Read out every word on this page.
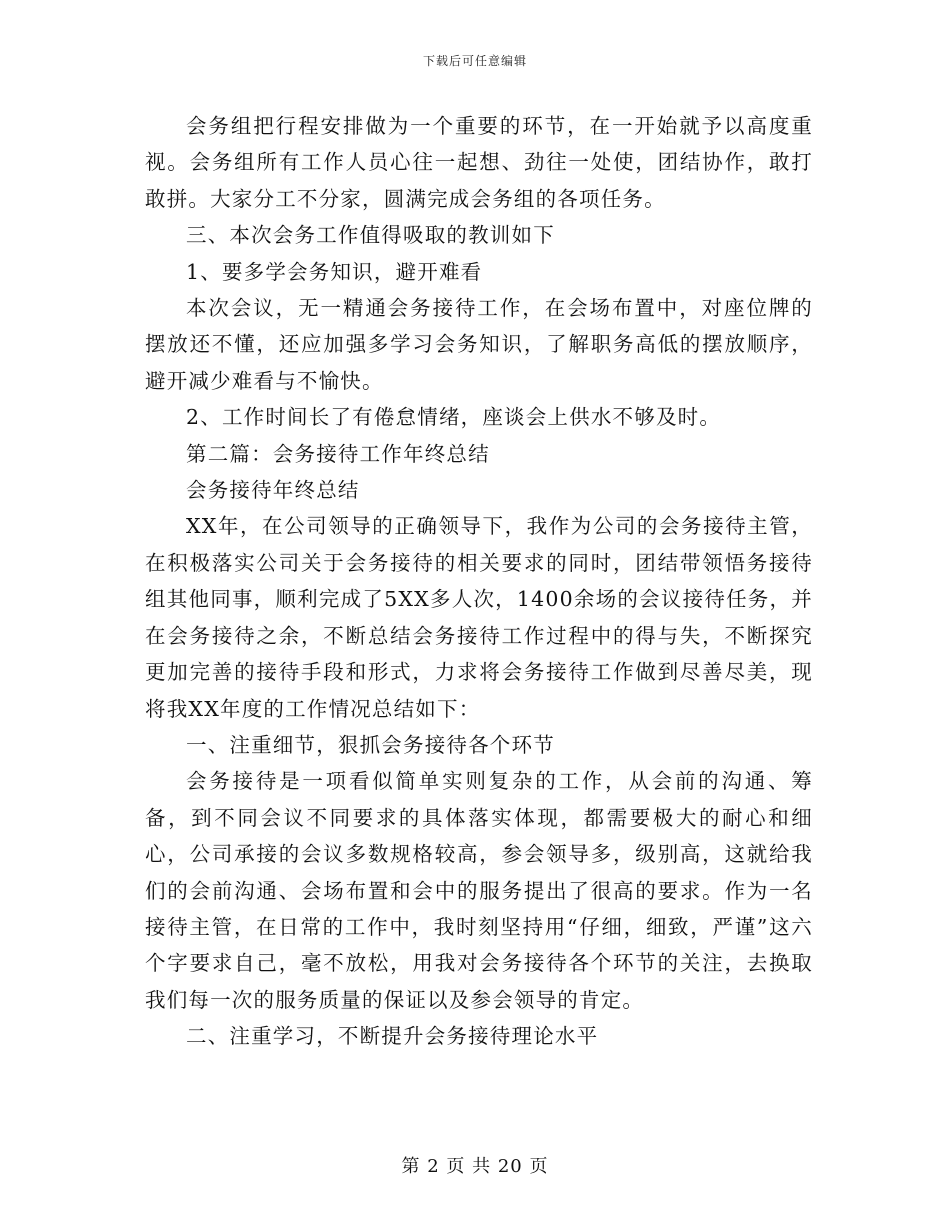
下载后可任意编辑

会务组把行程安排做为一个重要的环节，在一开始就予以高度重视。会务组所有工作人员心往一起想、劲往一处使，团结协作，敢打敢拼。大家分工不分家，圆满完成会务组的各项任务。

三、本次会务工作值得吸取的教训如下

1、要多学会务知识，避开难看

本次会议，无一精通会务接待工作，在会场布置中，对座位牌的摆放还不懂，还应加强多学习会务知识，了解职务高低的摆放顺序，避开减少难看与不愉快。

2、工作时间长了有倦怠情绪，座谈会上供水不够及时。

第二篇：会务接待工作年终总结

会务接待年终总结

XX年，在公司领导的正确领导下，我作为公司的会务接待主管，在积极落实公司关于会务接待的相关要求的同时，团结带领悟务接待组其他同事，顺利完成了5XX多人次，1400余场的会议接待任务，并在会务接待之余，不断总结会务接待工作过程中的得与失，不断探究更加完善的接待手段和形式，力求将会务接待工作做到尽善尽美，现将我XX年度的工作情况总结如下：

一、注重细节，狠抓会务接待各个环节

会务接待是一项看似简单实则复杂的工作，从会前的沟通、筹备，到不同会议不同要求的具体落实体现，都需要极大的耐心和细心，公司承接的会议多数规格较高，参会领导多，级别高，这就给我们的会前沟通、会场布置和会中的服务提出了很高的要求。作为一名接待主管，在日常的工作中，我时刻坚持用“仔细，细致，严谨”这六个字要求自己，毫不放松，用我对会务接待各个环节的关注，去换取我们每一次的服务质量的保证以及参会领导的肯定。

二、注重学习，不断提升会务接待理论水平

第 2 页 共 20 页
